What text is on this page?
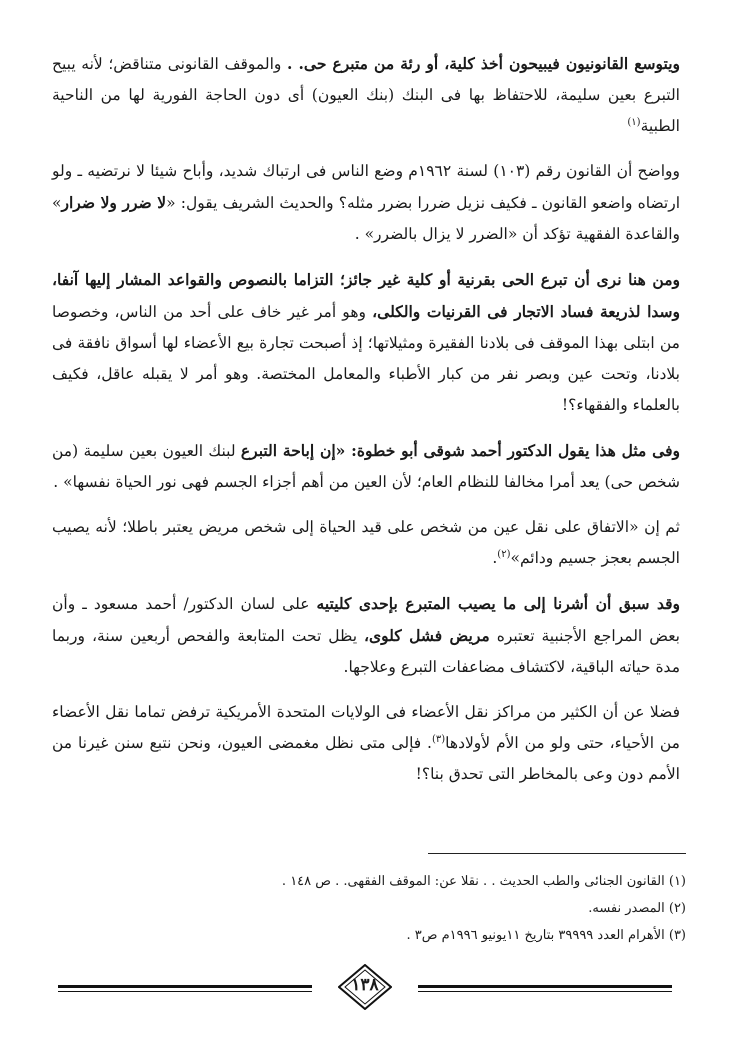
ويتوسع القانونيون فيبيحون أخذ كلية، أو رئة من متبرع حى. . والموقف القانونى متناقض؛ لأنه يبيح التبرع بعين سليمة، للاحتفاظ بها فى البنك (بنك العيون) أى دون الحاجة الفورية لها من الناحية الطبية$^{(١)}$

وواضح أن القانون رقم (١٠٣) لسنة ١٩٦٢م وضع الناس فى ارتباك شديد، وأباح شيئا لا نرتضيه ـ ولو ارتضاه واضعو القانون ـ فكيف نزيل ضررا بضرر مثله؟ والحديث الشريف يقول: «لا ضرر ولا ضرار» والقاعدة الفقهية تؤكد أن «الضرر لا يزال بالضرر» .

ومن هنا نرى أن تبرع الحى بقرنية أو كلية غير جائز؛ التزاما بالنصوص والقواعد المشار إليها آنفا، وسدا لذريعة فساد الاتجار فى القرنيات والكلى، وهو أمر غير خاف على أحد من الناس، وخصوصا من ابتلى بهذا الموقف فى بلادنا الفقيرة ومثيلاتها؛ إذ أصبحت تجارة بيع الأعضاء لها أسواق نافقة فى بلادنا، وتحت عين وبصر نفر من كبار الأطباء والمعامل المختصة. وهو أمر لا يقبله عاقل، فكيف بالعلماء والفقهاء؟!

وفى مثل هذا يقول الدكتور أحمد شوقى أبو خطوة: «إن إباحة التبرع لبنك العيون بعين سليمة (من شخص حى) يعد أمرا مخالفا للنظام العام؛ لأن العين من أهم أجزاء الجسم فهى نور الحياة نفسها» .

ثم إن «الاتفاق على نقل عين من شخص على قيد الحياة إلى شخص مريض يعتبر باطلا؛ لأنه يصيب الجسم بعجز جسيم ودائم»$^{(٢)}$.

وقد سبق أن أشرنا إلى ما يصيب المتبرع بإحدى كليتيه على لسان الدكتور/ أحمد مسعود ـ وأن بعض المراجع الأجنبية تعتبره مريض فشل كلوى، يظل تحت المتابعة والفحص أربعين سنة، وربما مدة حياته الباقية، لاكتشاف مضاعفات التبرع وعلاجها.

فضلا عن أن الكثير من مراكز نقل الأعضاء فى الولايات المتحدة الأمريكية ترفض تماما نقل الأعضاء من الأحياء، حتى ولو من الأم لأولادها$^{(٣)}$. فإلى متى نظل مغمضى العيون، ونحن نتبع سنن غيرنا من الأمم دون وعى بالمخاطر التى تحدق بنا؟!

(١) القانون الجنائى والطب الحديث . . نقلا عن: الموقف الفقهى. . ص ١٤٨ .

(٢) المصدر نفسه.

(٣) الأهرام العدد ٣٩٩٩٩ بتاريخ ١١يونيو ١٩٩٦م ص٣ .

١٣٨
